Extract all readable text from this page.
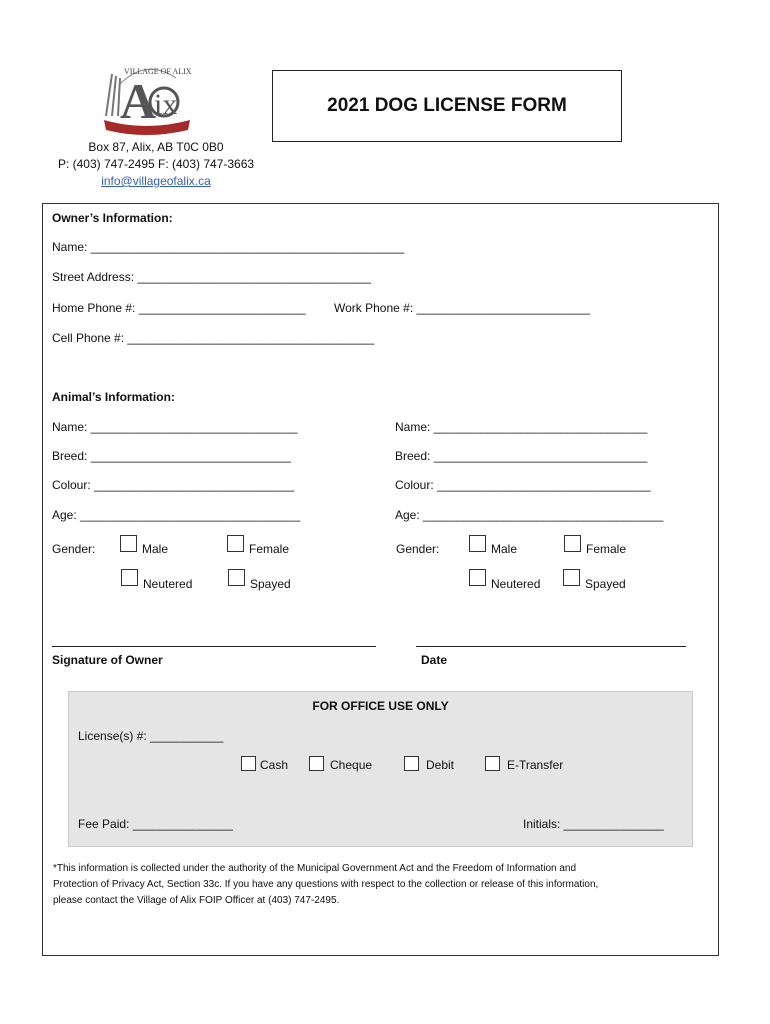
VILLAGE OF ALIX
A
ix	2021 DOG LICENSE FORM
Box 87, Alix, AB T0C 0B0
P: (403) 747-2495 F: (403) 747-3663
info@villageofalix.ca
Owner’s Information:
Name: _______________________________________________
Street Address: ___________________________________
Home Phone #: _________________________ Work Phone #: __________________________
Cell Phone #: _____________________________________
Animal’s Information:
Name: _______________________________
Breed: ______________________________
Colour: ______________________________
Age: _________________________________
Name: ________________________________
Breed: ________________________________
Colour: ________________________________
Age: ____________________________________
Gender:	Male	Female
Neutered	Spayed
Gender:	Male	Female
Neutered	Spayed
Signature of Owner	Date
FOR OFFICE USE ONLY
License(s) #: ___________
Cash	Cheque	Debit	E-Transfer
Fee Paid: _______________	Initials: _______________
*This information is collected under the authority of the Municipal Government Act and the Freedom of Information and
Protection of Privacy Act, Section 33c. If you have any questions with respect to the collection or release of this information,
please contact the Village of Alix FOIP Officer at (403) 747-2495.
